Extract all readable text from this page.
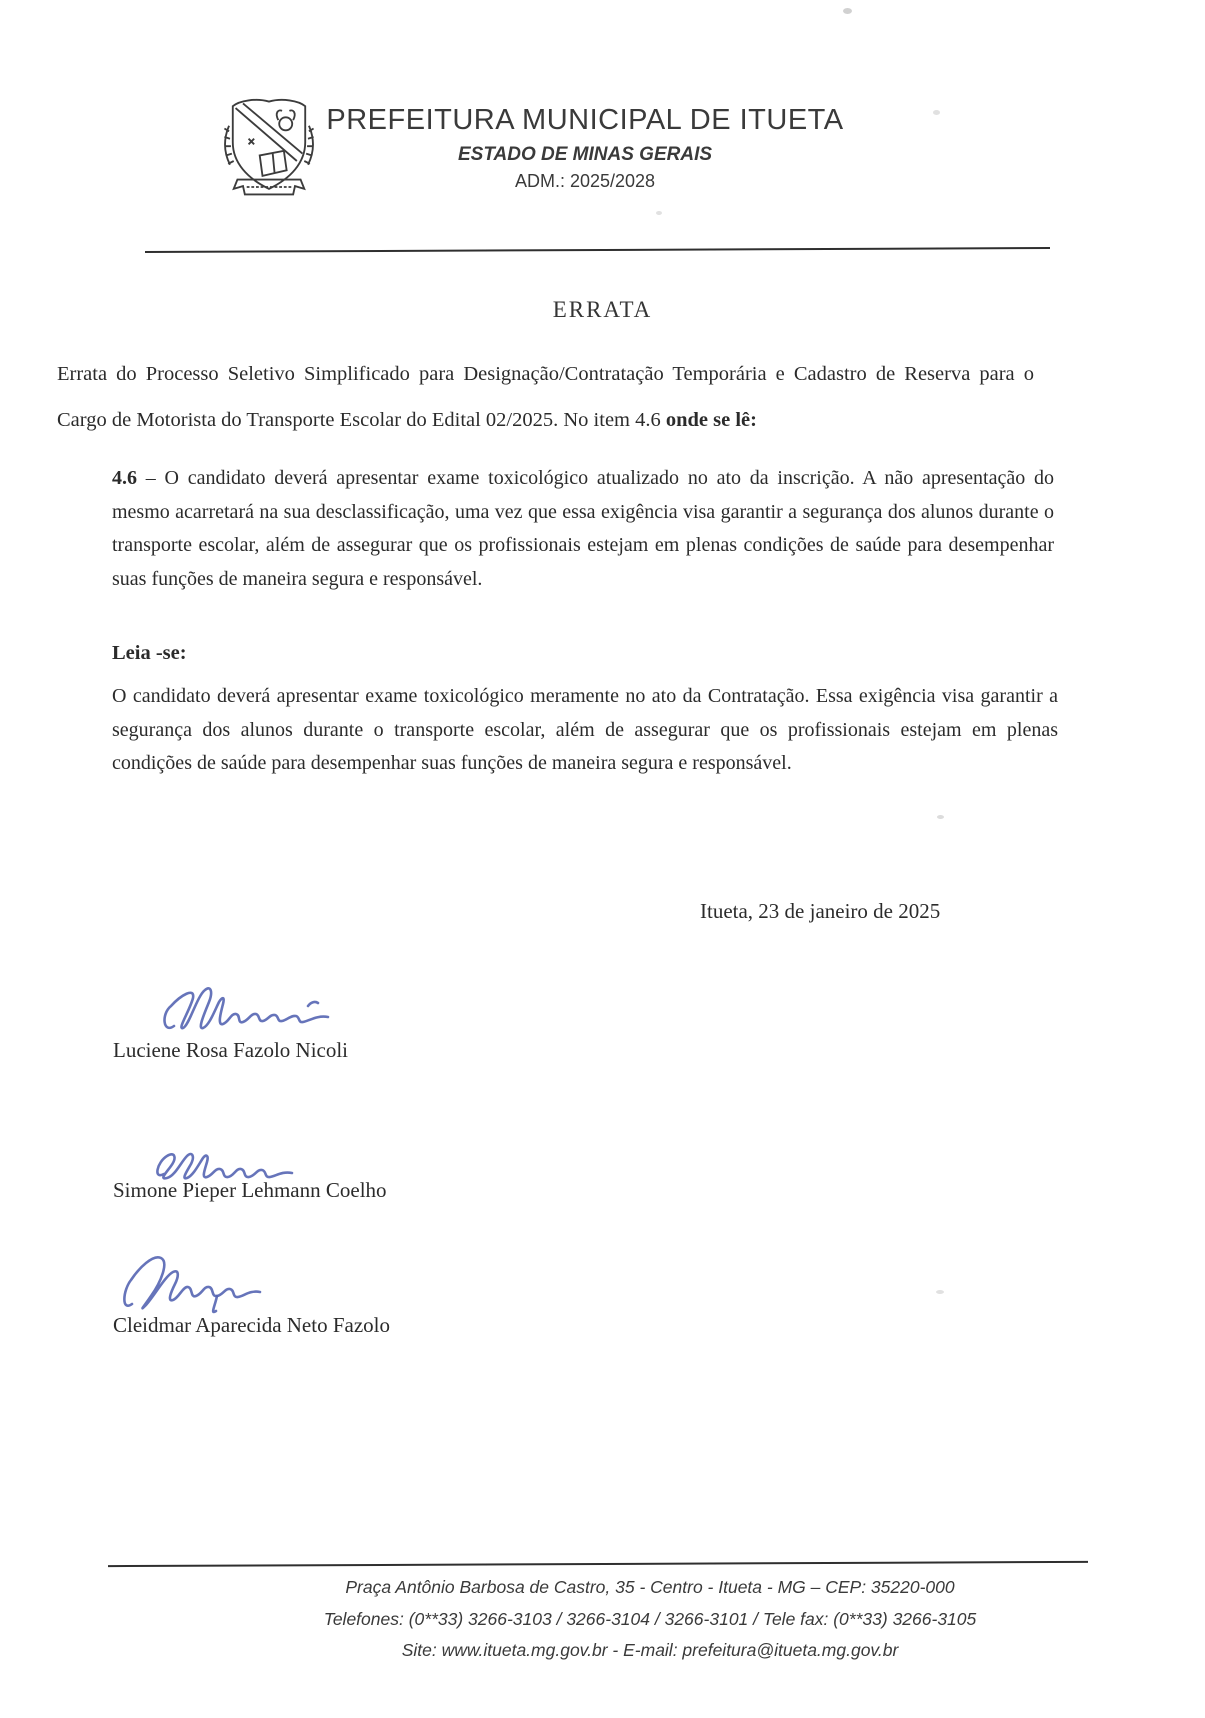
PREFEITURA MUNICIPAL DE ITUETA
ESTADO DE MINAS GERAIS
ADM.: 2025/2028
ERRATA
Errata do Processo Seletivo Simplificado para Designação/Contratação Temporária e Cadastro de Reserva para o Cargo de Motorista do Transporte Escolar do Edital 02/2025. No item 4.6 onde se lê:
4.6 – O candidato deverá apresentar exame toxicológico atualizado no ato da inscrição. A não apresentação do mesmo acarretará na sua desclassificação, uma vez que essa exigência visa garantir a segurança dos alunos durante o transporte escolar, além de assegurar que os profissionais estejam em plenas condições de saúde para desempenhar suas funções de maneira segura e responsável.
Leia -se:
O candidato deverá apresentar exame toxicológico meramente no ato da Contratação. Essa exigência visa garantir a segurança dos alunos durante o transporte escolar, além de assegurar que os profissionais estejam em plenas condições de saúde para desempenhar suas funções de maneira segura e responsável.
Itueta, 23 de janeiro de 2025
Luciene Rosa Fazolo Nicoli
Simone Pieper Lehmann Coelho
Cleidmar Aparecida Neto Fazolo
Praça Antônio Barbosa de Castro, 35 - Centro - Itueta - MG – CEP: 35220-000
Telefones: (0**33) 3266-3103 / 3266-3104 / 3266-3101 / Tele fax: (0**33) 3266-3105
Site: www.itueta.mg.gov.br - E-mail: prefeitura@itueta.mg.gov.br
